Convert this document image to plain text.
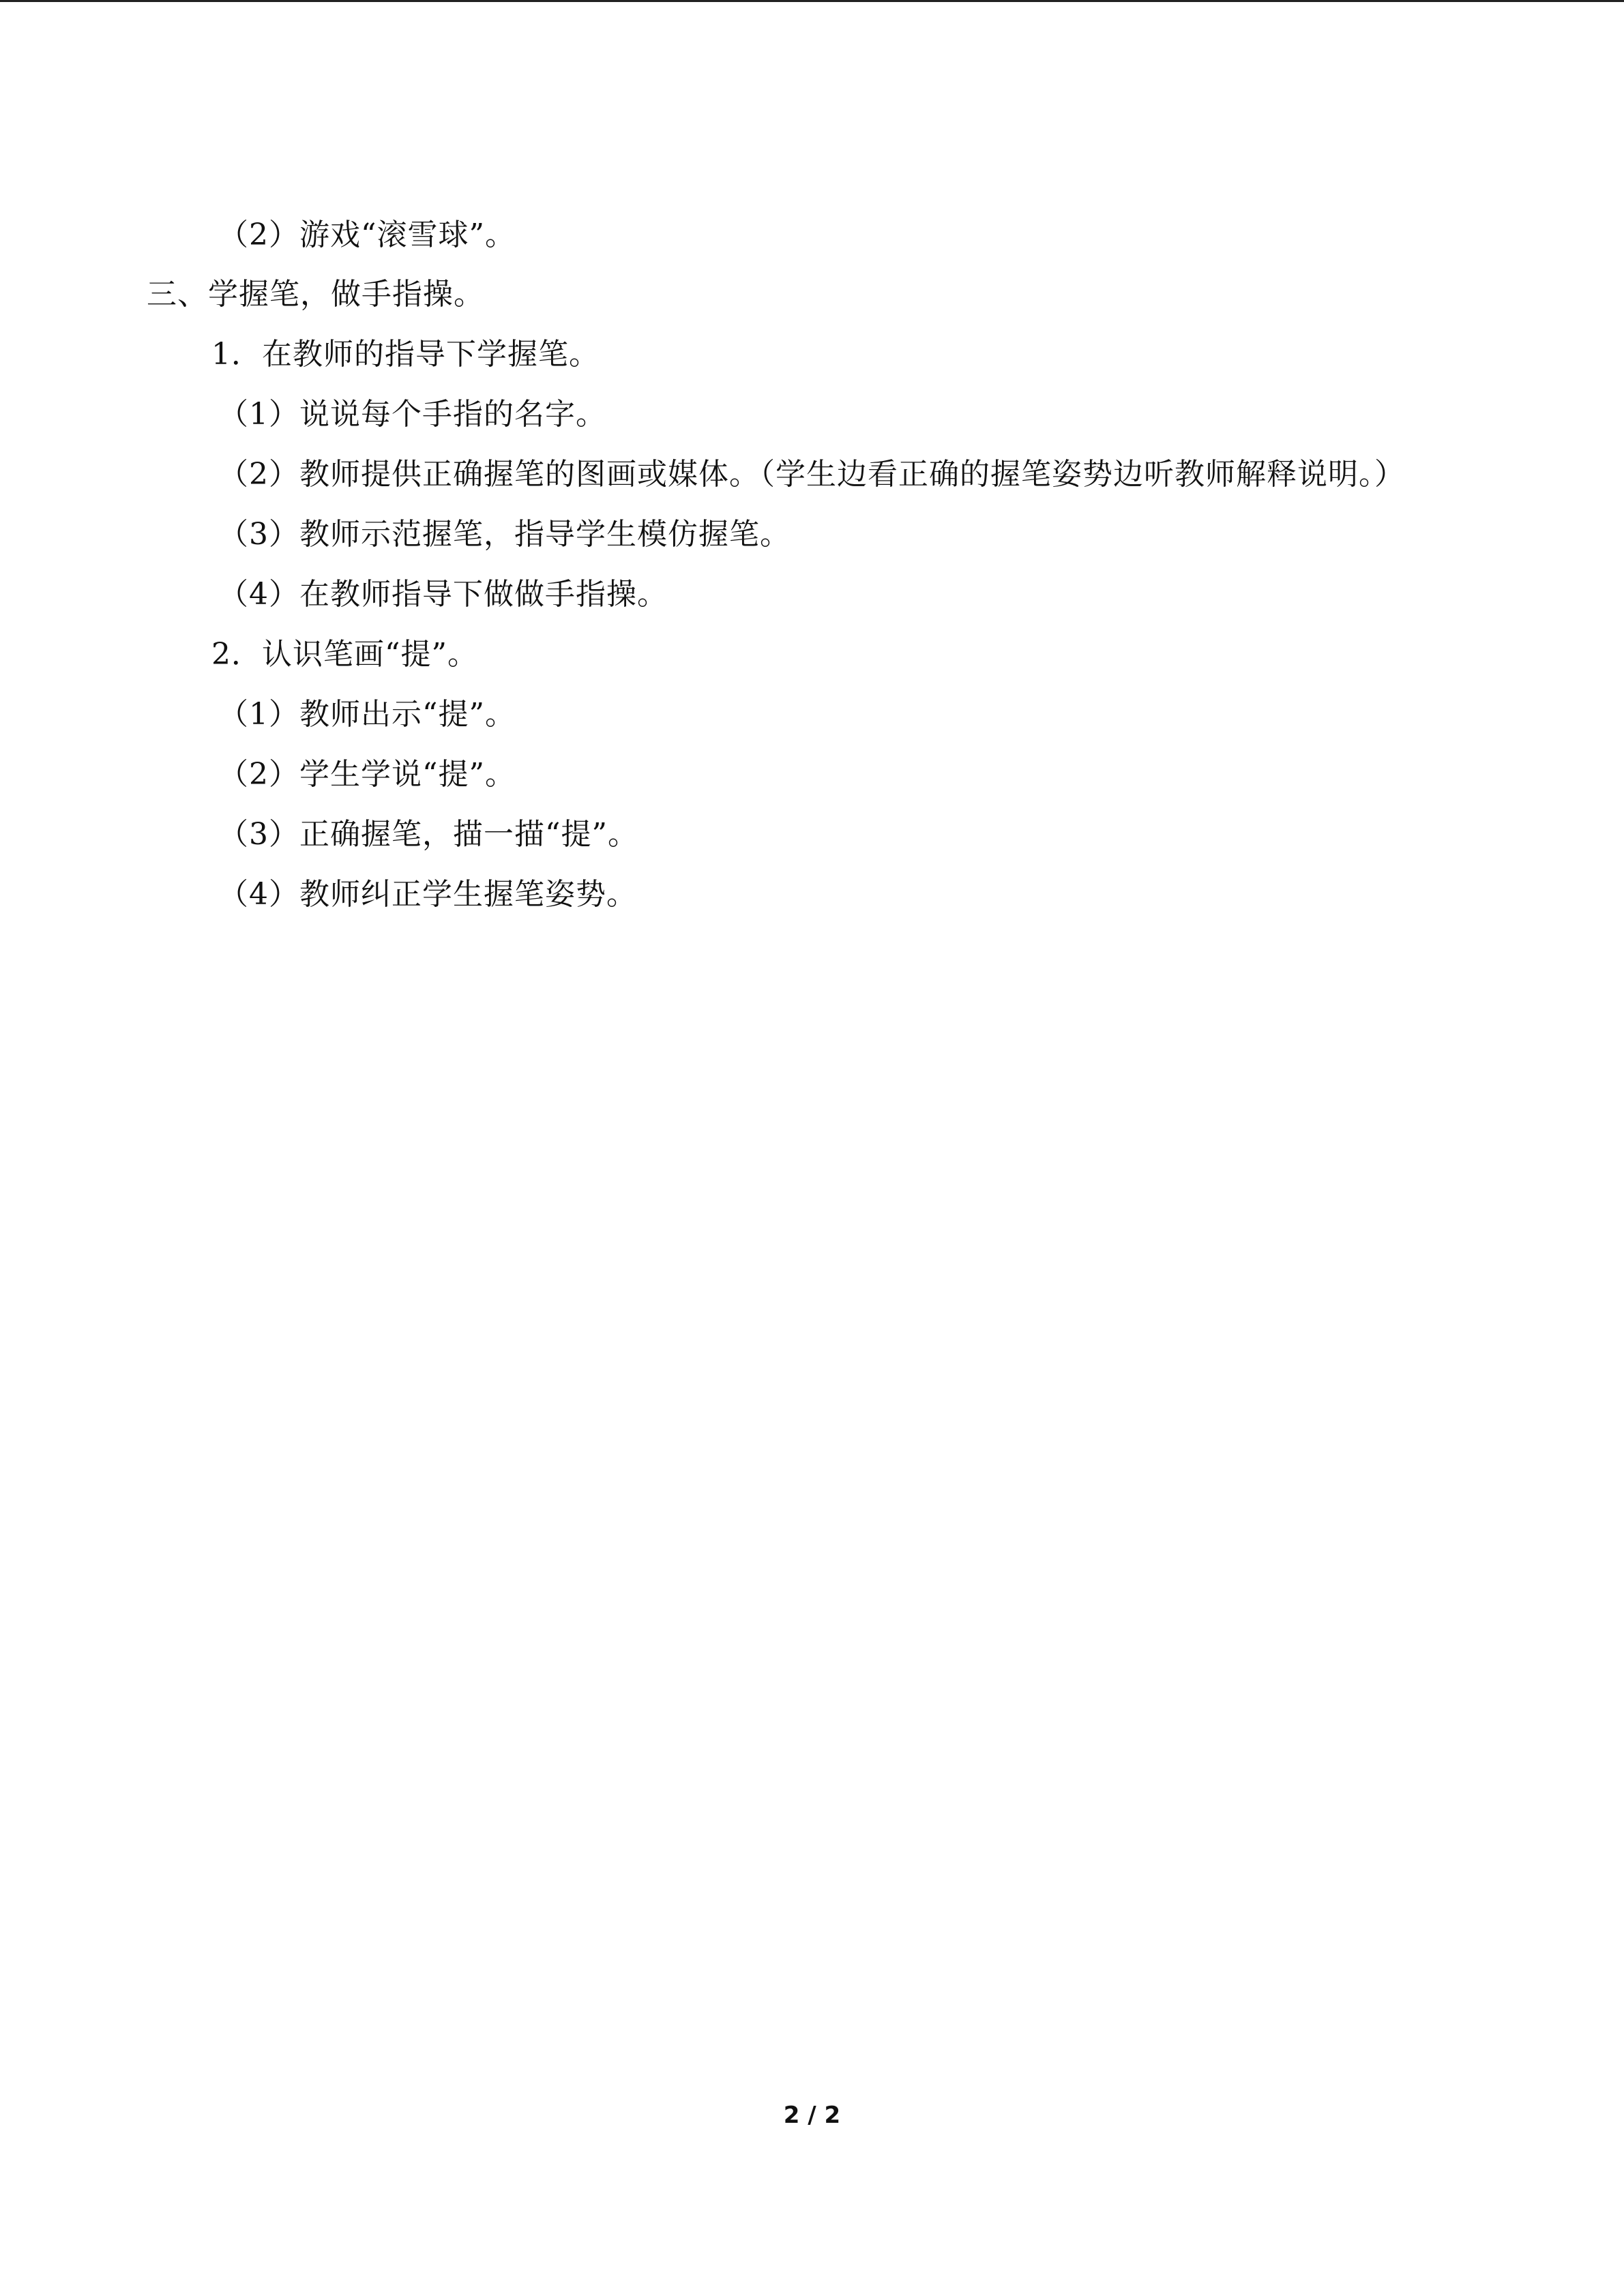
（2）游戏“滚雪球”。
三、学握笔，做手指操。
1．在教师的指导下学握笔。
（1）说说每个手指的名字。
（2）教师提供正确握笔的图画或媒体。（学生边看正确的握笔姿势边听教师解释说明。）
（3）教师示范握笔，指导学生模仿握笔。
（4）在教师指导下做做手指操。
2．认识笔画“提”。
（1）教师出示“提”。
（2）学生学说“提”。
（3）正确握笔，描一描“提”。
（4）教师纠正学生握笔姿势。
2 / 2
